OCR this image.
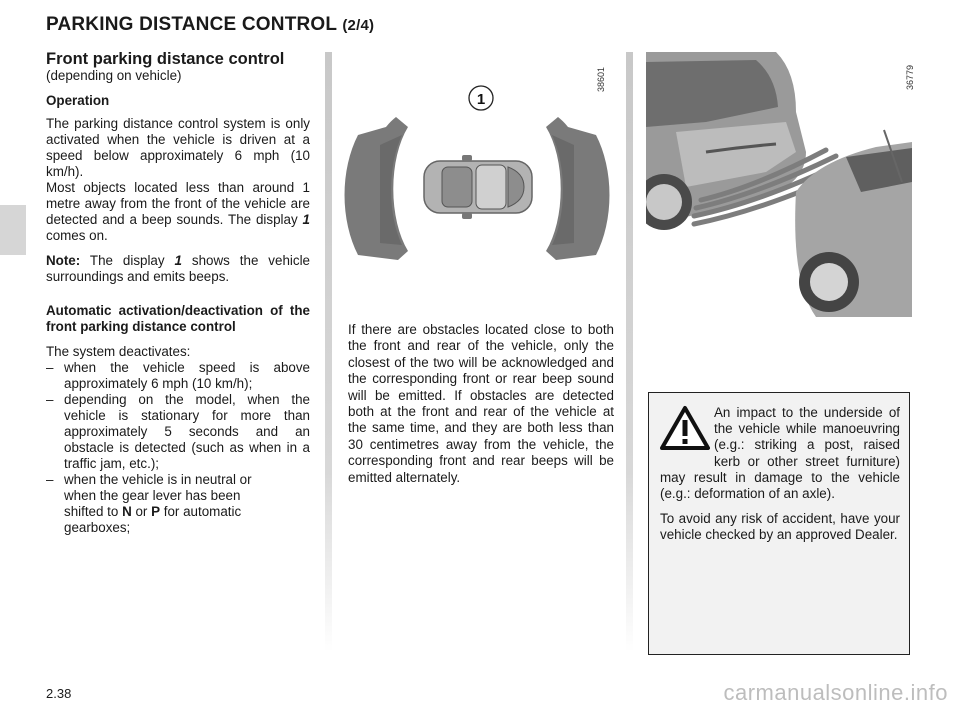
PARKING DISTANCE CONTROL (2/4)
Front parking distance control
(depending on vehicle)
Operation
The parking distance control system is only activated when the vehicle is driven at a speed below approximately 6 mph (10 km/h).
Most objects located less than around 1 metre away from the front of the vehicle are detected and a beep sounds. The display 1 comes on.
Note: The display 1 shows the vehicle surroundings and emits beeps.
Automatic activation/deactivation of the front parking distance control
The system deactivates:
– when the vehicle speed is above approximately 6 mph (10 km/h);
– depending on the model, when the vehicle is stationary for more than approximately 5 seconds and an obstacle is detected (such as when in a traffic jam, etc.);
– when the vehicle is in neutral or when the gear lever has been shifted to N or P for automatic gearboxes;
1
38601
If there are obstacles located close to both the front and rear of the vehicle, only the closest of the two will be acknowledged and the corresponding front or rear beep sound will be emitted. If obstacles are detected both at the front and rear of the vehicle at the same time, and they are both less than 30 centimetres away from the vehicle, the corresponding front and rear beeps will be emitted alternately.
36779
An impact to the underside of the vehicle while manoeuvring (e.g.: striking a post, raised kerb or other street furniture) may result in damage to the vehicle (e.g.: deformation of an axle).
To avoid any risk of accident, have your vehicle checked by an approved Dealer.
2.38	carmanualsonline.info
